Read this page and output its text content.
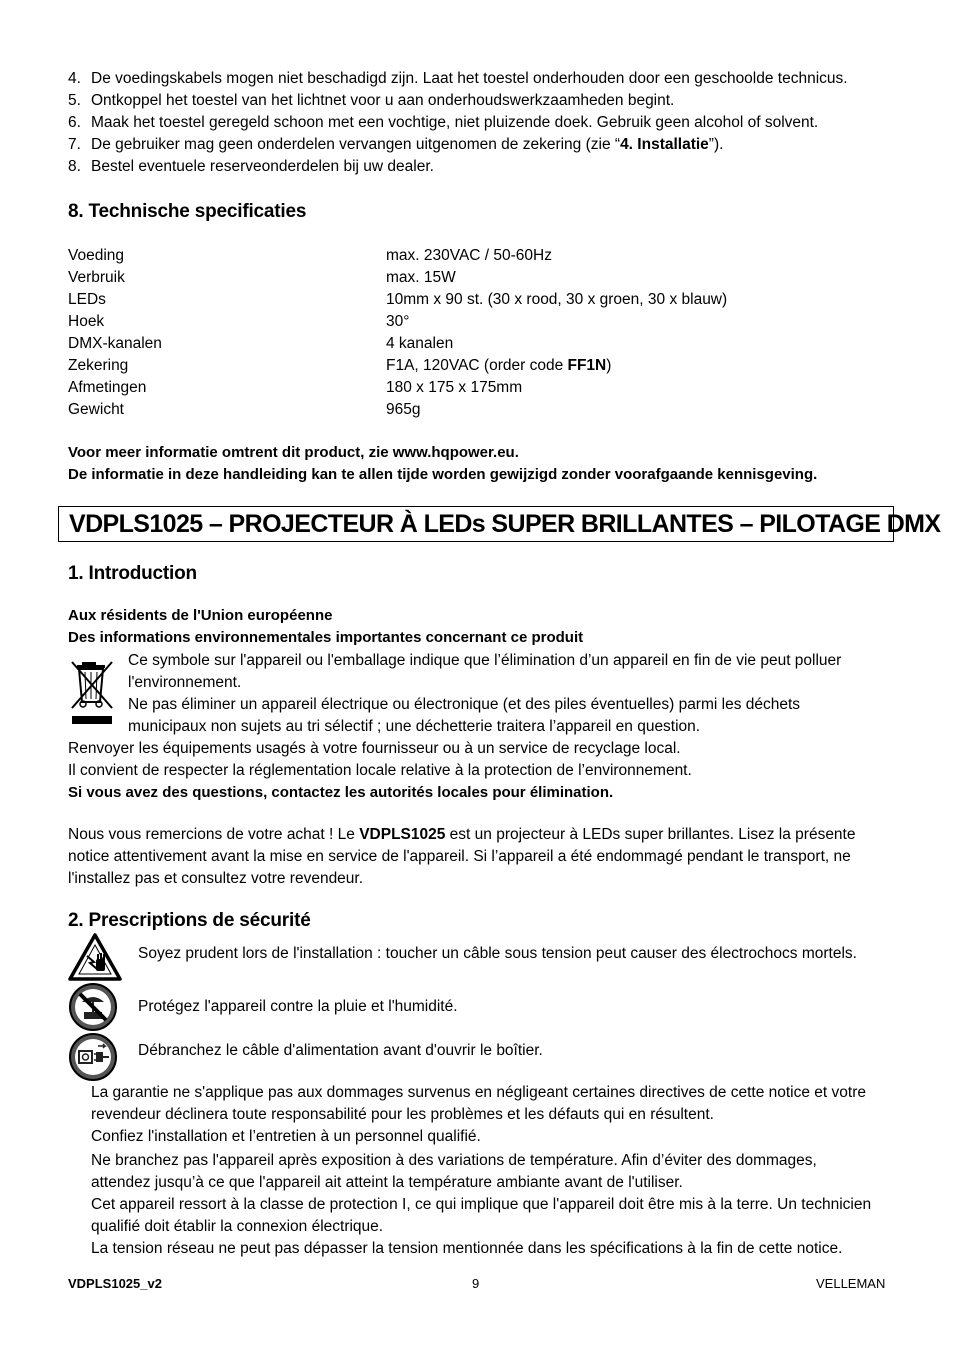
4. De voedingskabels mogen niet beschadigd zijn. Laat het toestel onderhouden door een geschoolde technicus.
5. Ontkoppel het toestel van het lichtnet voor u aan onderhoudswerkzaamheden begint.
6. Maak het toestel geregeld schoon met een vochtige, niet pluizende doek. Gebruik geen alcohol of solvent.
7. De gebruiker mag geen onderdelen vervangen uitgenomen de zekering (zie “4. Installatie”).
8. Bestel eventuele reserveonderdelen bij uw dealer.
8. Technische specificaties
Voeding	max. 230VAC / 50-60Hz
Verbruik	max. 15W
LEDs	10mm x 90 st. (30 x rood, 30 x groen, 30 x blauw)
Hoek	30°
DMX-kanalen	4 kanalen
Zekering	F1A, 120VAC (order code FF1N)
Afmetingen	180 x 175 x 175mm
Gewicht	965g
Voor meer informatie omtrent dit product, zie www.hqpower.eu.
De informatie in deze handleiding kan te allen tijde worden gewijzigd zonder voorafgaande kennisgeving.
VDPLS1025 – PROJECTEUR À LEDs SUPER BRILLANTES – PILOTAGE DMX
1. Introduction
Aux résidents de l'Union européenne
Des informations environnementales importantes concernant ce produit
Ce symbole sur l'appareil ou l'emballage indique que l’élimination d’un appareil en fin de vie peut polluer
l'environnement.
Ne pas éliminer un appareil électrique ou électronique (et des piles éventuelles) parmi les déchets
municipaux non sujets au tri sélectif ; une déchetterie traitera l’appareil en question.
Renvoyer les équipements usagés à votre fournisseur ou à un service de recyclage local.
Il convient de respecter la réglementation locale relative à la protection de l’environnement.
Si vous avez des questions, contactez les autorités locales pour élimination.
Nous vous remercions de votre achat ! Le VDPLS1025 est un projecteur à LEDs super brillantes. Lisez la présente
notice attentivement avant la mise en service de l'appareil. Si l’appareil a été endommagé pendant le transport, ne
l'installez pas et consultez votre revendeur.
2. Prescriptions de sécurité
Soyez prudent lors de l'installation : toucher un câble sous tension peut causer des électrochocs mortels.
Protégez l'appareil contre la pluie et l'humidité.
Débranchez le câble d'alimentation avant d'ouvrir le boîtier.
La garantie ne s'applique pas aux dommages survenus en négligeant certaines directives de cette notice et votre
revendeur déclinera toute responsabilité pour les problèmes et les défauts qui en résultent.
Confiez l'installation et l’entretien à un personnel qualifié.
Ne branchez pas l'appareil après exposition à des variations de température. Afin d’éviter des dommages,
attendez jusqu’à ce que l'appareil ait atteint la température ambiante avant de l'utiliser.
Cet appareil ressort à la classe de protection I, ce qui implique que l'appareil doit être mis à la terre. Un technicien
qualifié doit établir la connexion électrique.
La tension réseau ne peut pas dépasser la tension mentionnée dans les spécifications à la fin de cette notice.
VDPLS1025_v2	9	VELLEMAN
